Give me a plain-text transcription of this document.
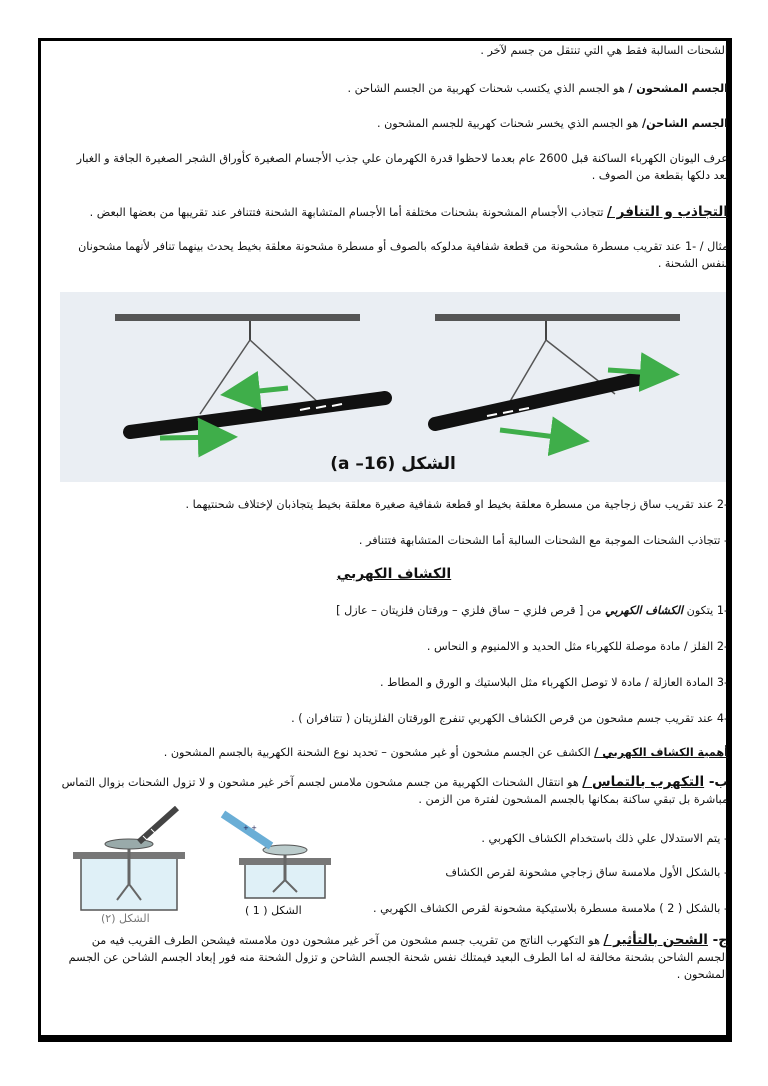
الشحنات السالبة فقط هي التي تنتقل من جسم لآخر .

الجسم المشحون / هو الجسم الذي يكتسب شحنات كهربية من الجسم الشاحن .

الجسم الشاحن/ هو الجسم الذي يخسر شحنات كهربية للجسم المشحون .

عرف اليونان الكهرباء الساكنة قبل 2600 عام بعدما لاحظوا قدرة الكهرمان علي جذب الأجسام الصغيرة كأوراق الشجر الصغيرة الجافة و الغبار بعد دلكها بقطعة من الصوف .

التجاذب و التنافر / تتجاذب الأجسام المشحونة بشحنات مختلفة أما الأجسام المتشابهة الشحنة فتتنافر عند تقريبها من بعضها البعض .

مثال / -1 عند تقريب مسطرة مشحونة من قطعة شفافية مدلوكه بالصوف أو مسطرة مشحونة معلقة بخيط يحدث بينهما تنافر لأنهما مشحونان بنفس الشحنة .

الشكل (a –16)

-2 عند تقريب ساق زجاجية من مسطرة معلقة بخيط او قطعة شفافية صغيرة معلقة بخيط يتجاذبان لإختلاف شحنتيهما .

- تتجاذب الشحنات الموجبة مع الشحنات السالبة أما الشحنات المتشابهة فتتنافر .

الكشاف الكهربي

-1 يتكون الكشاف الكهربي من [ قرص فلزي – ساق فلزي – ورقتان فلزيتان – عازل ]

-2 الفلز / مادة موصلة للكهرباء مثل الحديد و الالمنيوم و النحاس .

-3 المادة العازلة / مادة لا توصل الكهرباء مثل البلاستيك و الورق و المطاط .

-4 عند تقريب جسم مشحون من قرص الكشاف الكهربي تنفرج الورقتان الفلزيتان ( تتنافران ) .

أهمية الكشاف الكهربي / الكشف عن الجسم مشحون أو غير مشحون – تحديد نوع الشحنة الكهربية بالجسم المشحون .

ب- التكهرب بالتماس / هو انتقال الشحنات الكهربية من جسم مشحون ملامس لجسم آخر غير مشحون و لا تزول الشحنات بزوال التماس مباشرة بل تبقي ساكنة بمكانها بالجسم المشحون لفترة من الزمن .

- يتم الاستدلال علي ذلك باستخدام الكشاف الكهربي .

- بالشكل الأول ملامسة ساق زجاجي مشحونة لقرص الكشاف

- بالشكل ( 2 ) ملامسة مسطرة بلاستيكية مشحونة لقرص الكشاف الكهربي .

ج- الشحن بالتأثير / هو التكهرب الناتج من تقريب جسم مشحون من آخر غير مشحون دون ملامسته فيشحن الطرف القريب فيه من الجسم الشاحن بشحنة مخالفة له اما الطرف البعيد فيمتلك نفس شحنة الجسم الشاحن و تزول الشحنة منه فور إبعاد الجسم الشاحن عن الجسم المشحون .

+ +
الشكل (٢)
الشكل ( 1 )
